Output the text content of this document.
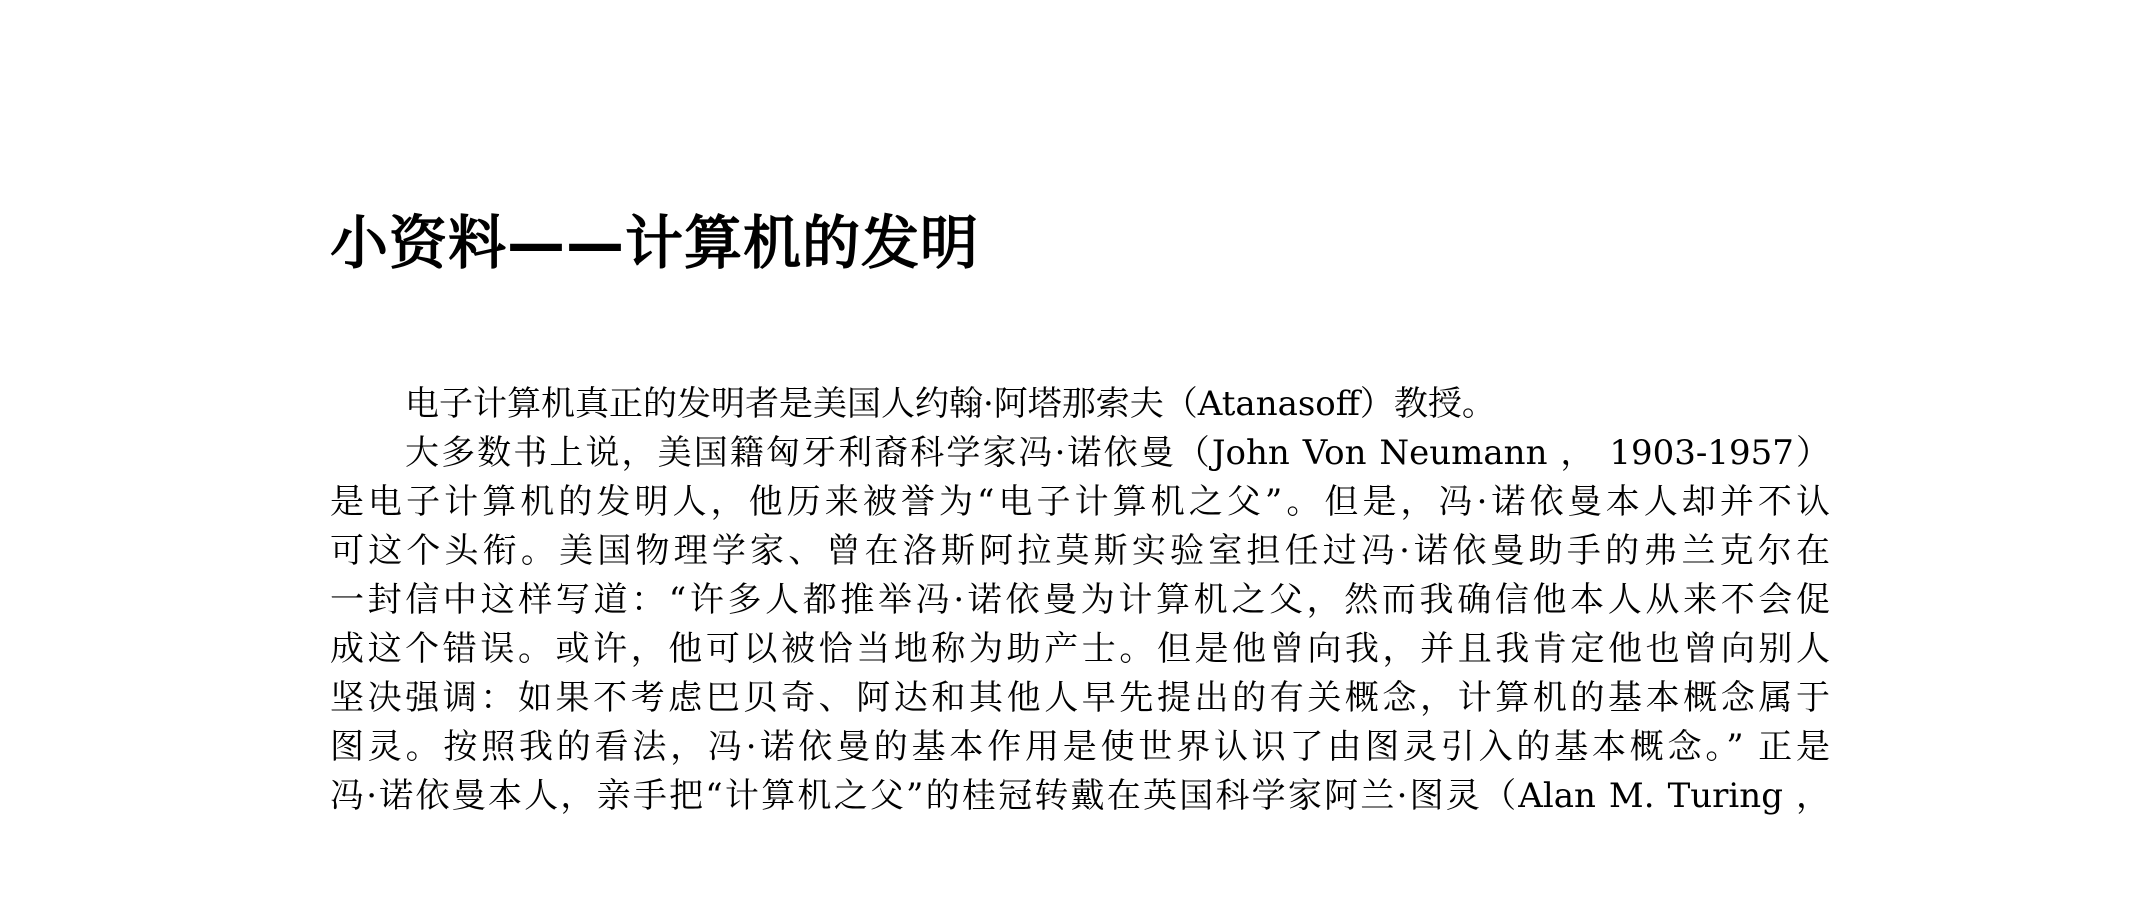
小资料——计算机的发明
电子计算机真正的发明者是美国人约翰·阿塔那索夫（Atanasoff）教授。
大多数书上说，美国籍匈牙利裔科学家冯·诺依曼（John Von Neumann ， 1903-1957）
是电子计算机的发明人，他历来被誉为“电子计算机之父”。但是，冯·诺依曼本人却并不认
可这个头衔。美国物理学家、曾在洛斯阿拉莫斯实验室担任过冯·诺依曼助手的弗兰克尔在
一封信中这样写道：“许多人都推举冯·诺依曼为计算机之父，然而我确信他本人从来不会促
成这个错误。或许，他可以被恰当地称为助产士。但是他曾向我，并且我肯定他也曾向别人
坚决强调：如果不考虑巴贝奇、阿达和其他人早先提出的有关概念，计算机的基本概念属于
图灵。按照我的看法，冯·诺依曼的基本作用是使世界认识了由图灵引入的基本概念。” 正是
冯·诺依曼本人，亲手把“计算机之父”的桂冠转戴在英国科学家阿兰·图灵（Alan M. Turing ，
